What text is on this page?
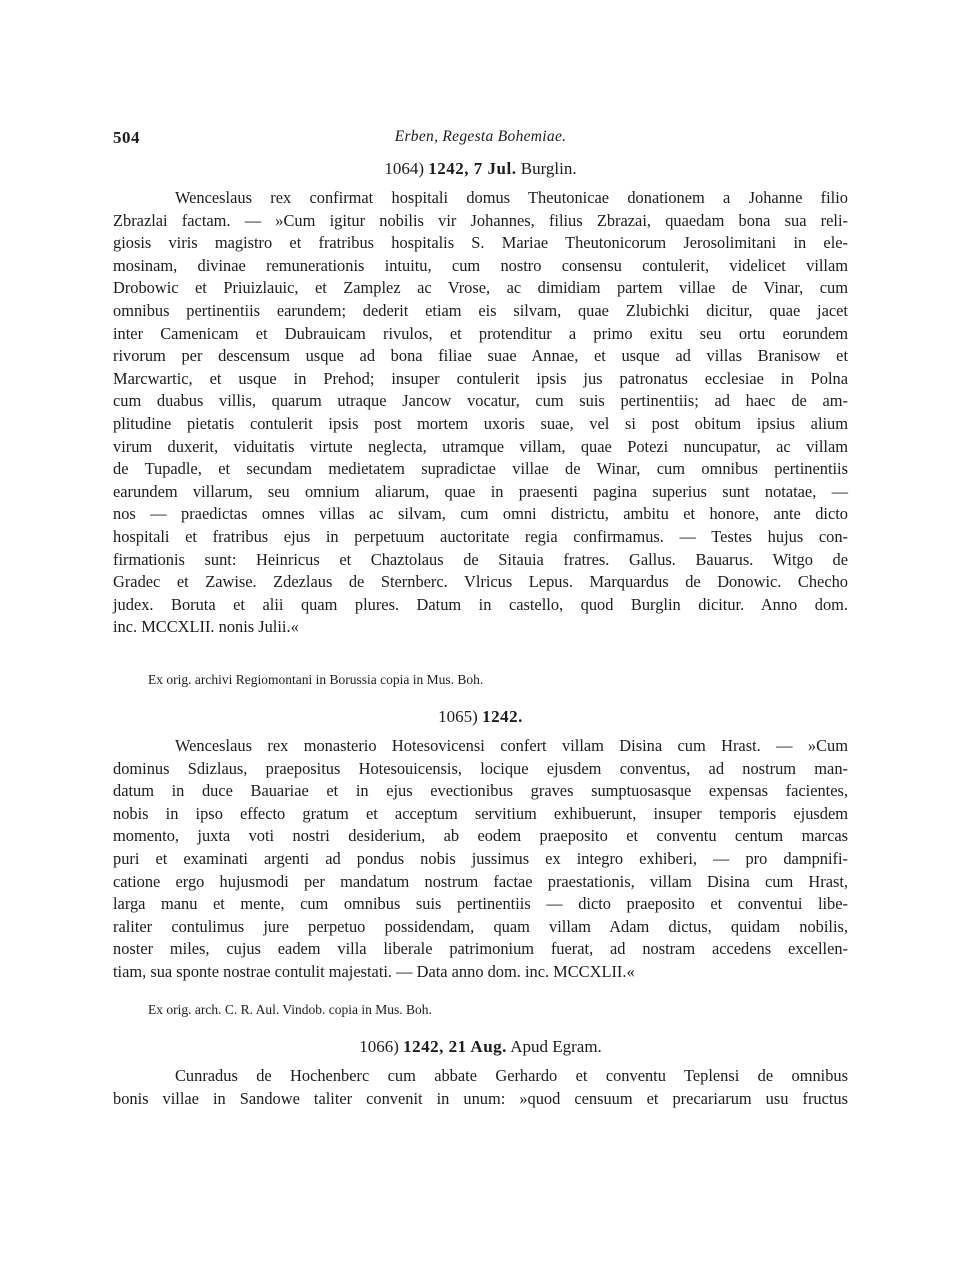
504	Erben, Regesta Bohemiae.
1064) 1242, 7 Jul. Burglin.
Wenceslaus rex confirmat hospitali domus Theutonicae donationem a Johanne filio
Zbrazlai factam. — »Cum igitur nobilis vir Johannes, filius Zbrazai, quaedam bona sua reli-
giosis viris magistro et fratribus hospitalis S. Mariae Theutonicorum Jerosolimitani in ele-
mosinam, divinae remunerationis intuitu, cum nostro consensu contulerit, videlicet villam
Drobowic et Priuizlauic, et Zamplez ac Vrose, ac dimidiam partem villae de Vinar, cum
omnibus pertinentiis earundem; dederit etiam eis silvam, quae Zlubichki dicitur, quae jacet
inter Camenicam et Dubrauicam rivulos, et protenditur a primo exitu seu ortu eorundem
rivorum per descensum usque ad bona filiae suae Annae, et usque ad villas Branisow et
Marcwartic, et usque in Prehod; insuper contulerit ipsis jus patronatus ecclesiae in Polna
cum duabus villis, quarum utraque Jancow vocatur, cum suis pertinentiis; ad haec de am-
plitudine pietatis contulerit ipsis post mortem uxoris suae, vel si post obitum ipsius alium
virum duxerit, viduitatis virtute neglecta, utramque villam, quae Potezi nuncupatur, ac villam
de Tupadle, et secundam medietatem supradictae villae de Winar, cum omnibus pertinentiis
earundem villarum, seu omnium aliarum, quae in praesenti pagina superius sunt notatae, —
nos — praedictas omnes villas ac silvam, cum omni districtu, ambitu et honore, ante dicto
hospitali et fratribus ejus in perpetuum auctoritate regia confirmamus. — Testes hujus con-
firmationis sunt: Heinricus et Chaztolaus de Sitauia fratres. Gallus. Bauarus. Witgo de
Gradec et Zawise. Zdezlaus de Sternberc. Vlricus Lepus. Marquardus de Donowic. Checho
judex. Boruta et alii quam plures. Datum in castello, quod Burglin dicitur. Anno dom.
inc. MCCXLII. nonis Julii.«
Ex orig. archivi Regiomontani in Borussia copia in Mus. Boh.
1065) 1242.
Wenceslaus rex monasterio Hotesovicensi confert villam Disina cum Hrast. — »Cum
dominus Sdizlaus, praepositus Hotesouicensis, locique ejusdem conventus, ad nostrum man-
datum in duce Bauariae et in ejus evectionibus graves sumptuosasque expensas facientes,
nobis in ipso effecto gratum et acceptum servitium exhibuerunt, insuper temporis ejusdem
momento, juxta voti nostri desiderium, ab eodem praeposito et conventu centum marcas
puri et examinati argenti ad pondus nobis jussimus ex integro exhiberi, — pro dampnifi-
catione ergo hujusmodi per mandatum nostrum factae praestationis, villam Disina cum Hrast,
larga manu et mente, cum omnibus suis pertinentiis — dicto praeposito et conventui libe-
raliter contulimus jure perpetuo possidendam, quam villam Adam dictus, quidam nobilis,
noster miles, cujus eadem villa liberale patrimonium fuerat, ad nostram accedens excellen-
tiam, sua sponte nostrae contulit majestati. — Data anno dom. inc. MCCXLII.«
Ex orig. arch. C. R. Aul. Vindob. copia in Mus. Boh.
1066) 1242, 21 Aug. Apud Egram.
Cunradus de Hochenberc cum abbate Gerhardo et conventu Teplensi de omnibus
bonis villae in Sandowe taliter convenit in unum: »quod censuum et precariarum usu fructus
